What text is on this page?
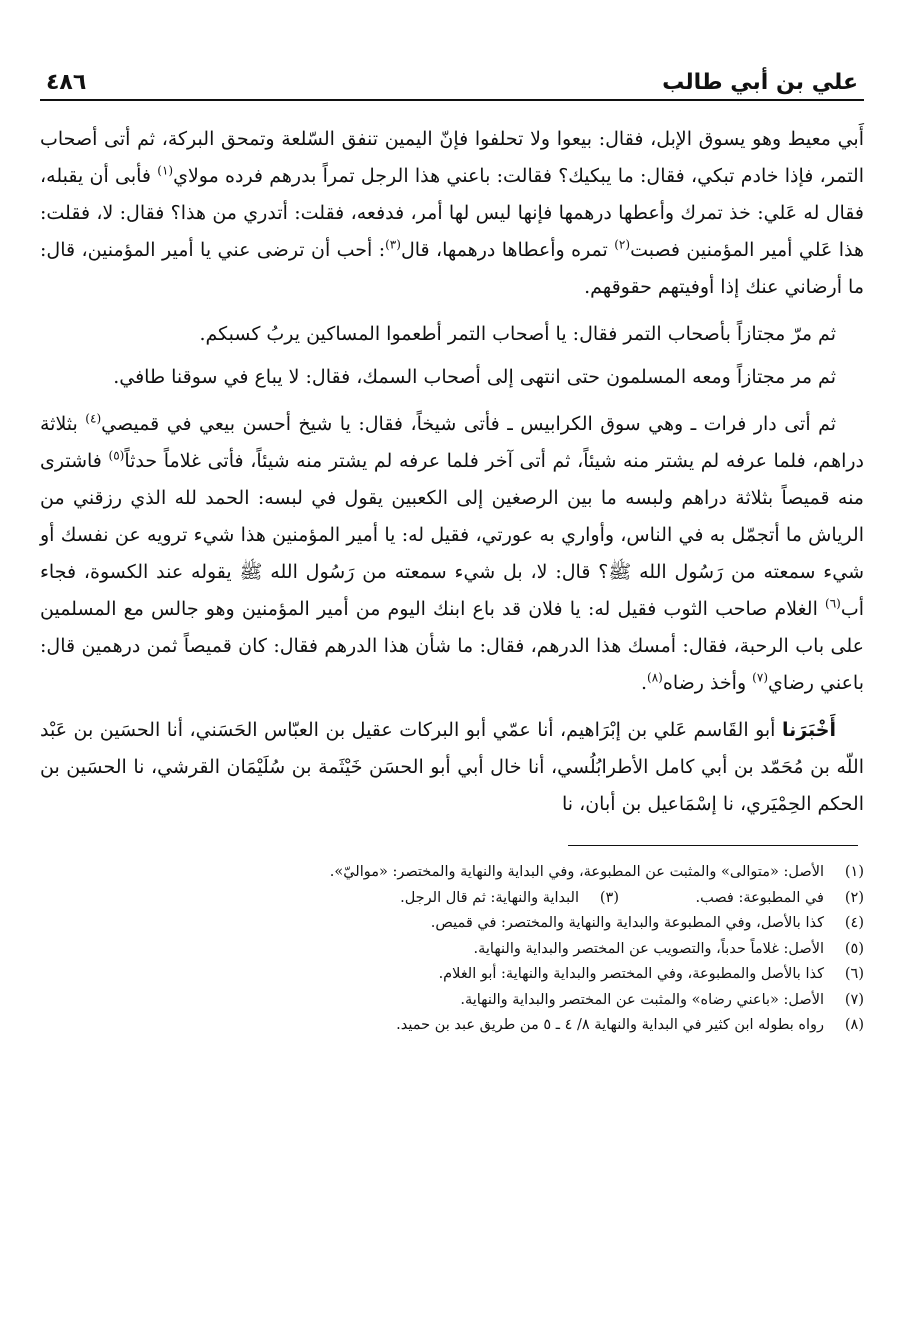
٤٨٦	علي بن أبي طالب

أَبي معيط وهو يسوق الإبل، فقال: بيعوا ولا تحلفوا فإنّ اليمين تنفق السّلعة وتمحق البركة، ثم أتى أصحاب التمر، فإذا خادم تبكي، فقال: ما يبكيك؟ فقالت: باعني هذا الرجل تمراً بدرهم فرده مولاي$^{(١)}$ فأبى أن يقبله، فقال له عَلي: خذ تمرك وأعطها درهمها فإنها ليس لها أمر، فدفعه، فقلت: أتدري من هذا؟ فقال: لا، فقلت: هذا عَلي أمير المؤمنين فصبت$^{(٢)}$ تمره وأعطاها درهمها، قال$^{(٣)}$: أحب أن ترضى عني يا أمير المؤمنين، قال: ما أرضاني عنك إذا أوفيتهم حقوقهم.

ثم مرّ مجتازاً بأصحاب التمر فقال: يا أصحاب التمر أطعموا المساكين يربُ كسبكم.

ثم مر مجتازاً ومعه المسلمون حتى انتهى إلى أصحاب السمك، فقال: لا يباع في سوقنا طافي.

ثم أتى دار فرات ـ وهي سوق الكرابيس ـ فأتى شيخاً، فقال: يا شيخ أحسن بيعي في قميصي$^{(٤)}$ بثلاثة دراهم، فلما عرفه لم يشتر منه شيئاً، ثم أتى آخر فلما عرفه لم يشتر منه شيئاً، فأتى غلاماً حدثاً$^{(٥)}$ فاشترى منه قميصاً بثلاثة دراهم ولبسه ما بين الرصغين إلى الكعبين يقول في لبسه: الحمد لله الذي رزقني من الرياش ما أتجمّل به في الناس، وأواري به عورتي، فقيل له: يا أمير المؤمنين هذا شيء ترويه عن نفسك أو شيء سمعته من رَسُول الله ﷺ؟ قال: لا، بل شيء سمعته من رَسُول الله ﷺ يقوله عند الكسوة، فجاء أب$^{(٦)}$ الغلام صاحب الثوب فقيل له: يا فلان قد باع ابنك اليوم من أمير المؤمنين وهو جالس مع المسلمين على باب الرحبة، فقال: أمسك هذا الدرهم، فقال: ما شأن هذا الدرهم فقال: كان قميصاً ثمن درهمين قال: باعني رضاي$^{(٧)}$ وأخذ رضاه$^{(٨)}$.

أَخْبَرَنا أبو القَاسم عَلي بن إبْرَاهيم، أنا عمّي أبو البركات عقيل بن العبّاس الحَسَني، أنا الحسَين بن عَبْد اللّه بن مُحَمّد بن أبي كامل الأطرابُلُسي، أنا خال أبي أبو الحسَن خَيْثَمة بن سُلَيْمَان القرشي، نا الحسَين بن الحكم الحِمْيَري، نا إسْمَاعيل بن أبان، نا

(١)
الأصل: «متوالى» والمثبت عن المطبوعة، وفي البداية والنهاية والمختصر: «مواليّ».
(٢)
في المطبوعة: فصب.
(٣)
البداية والنهاية: ثم قال الرجل.
(٤)
كذا بالأصل، وفي المطبوعة والبداية والنهاية والمختصر: في قميص.
(٥)
الأصل: غلاماً حدباً، والتصويب عن المختصر والبداية والنهاية.
(٦)
كذا بالأصل والمطبوعة، وفي المختصر والبداية والنهاية: أبو الغلام.
(٧)
الأصل: «باعني رضاه» والمثبت عن المختصر والبداية والنهاية.
(٨)
رواه بطوله ابن كثير في البداية والنهاية ٨/ ٤ ـ ٥ من طريق عبد بن حميد.
